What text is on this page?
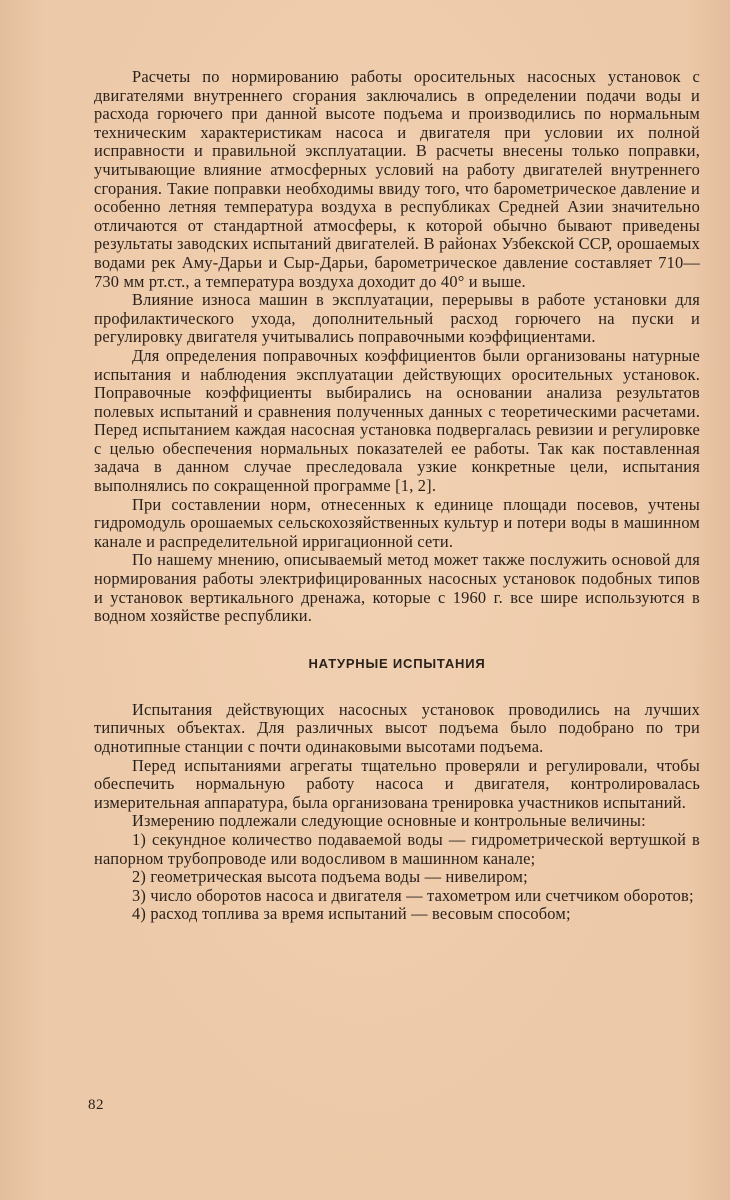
Расчеты по нормированию работы оросительных насосных установок с двигателями внутреннего сгорания заключались в определении подачи воды и расхода горючего при данной высоте подъема и производились по нормальным техническим характеристикам насоса и двигателя при условии их полной исправности и правильной эксплуатации. В расчеты внесены только поправки, учитывающие влияние атмосферных условий на работу двигателей внутреннего сгорания. Такие поправки необходимы ввиду того, что барометрическое давление и особенно летняя температура воздуха в республиках Средней Азии значительно отличаются от стандартной атмосферы, к которой обычно бывают приведены результаты заводских испытаний двигателей. В районах Узбекской ССР, орошаемых водами рек Аму-Дарьи и Сыр-Дарьи, барометрическое давление составляет 710—730 мм рт.ст., а температура воздуха доходит до 40° и выше.

Влияние износа машин в эксплуатации, перерывы в работе установки для профилактического ухода, дополнительный расход горючего на пуски и регулировку двигателя учитывались поправочными коэффициентами.

Для определения поправочных коэффициентов были организованы натурные испытания и наблюдения эксплуатации действующих оросительных установок. Поправочные коэффициенты выбирались на основании анализа результатов полевых испытаний и сравнения полученных данных с теоретическими расчетами. Перед испытанием каждая насосная установка подвергалась ревизии и регулировке с целью обеспечения нормальных показателей ее работы. Так как поставленная задача в данном случае преследовала узкие конкретные цели, испытания выполнялись по сокращенной программе [1, 2].

При составлении норм, отнесенных к единице площади посевов, учтены гидромодуль орошаемых сельскохозяйственных культур и потери воды в машинном канале и распределительной ирригационной сети.

По нашему мнению, описываемый метод может также послужить основой для нормирования работы электрифицированных насосных установок подобных типов и установок вертикального дренажа, которые с 1960 г. все шире используются в водном хозяйстве республики.

НАТУРНЫЕ ИСПЫТАНИЯ

Испытания действующих насосных установок проводились на лучших типичных объектах. Для различных высот подъема было подобрано по три однотипные станции с почти одинаковыми высотами подъема.

Перед испытаниями агрегаты тщательно проверяли и регулировали, чтобы обеспечить нормальную работу насоса и двигателя, контролировалась измерительная аппаратура, была организована тренировка участников испытаний.

Измерению подлежали следующие основные и контрольные величины:

1) секундное количество подаваемой воды — гидрометрической вертушкой в напорном трубопроводе или водосливом в машинном канале;

2) геометрическая высота подъема воды — нивелиром;

3) число оборотов насоса и двигателя — тахометром или счетчиком оборотов;

4) расход топлива за время испытаний — весовым способом;

82
